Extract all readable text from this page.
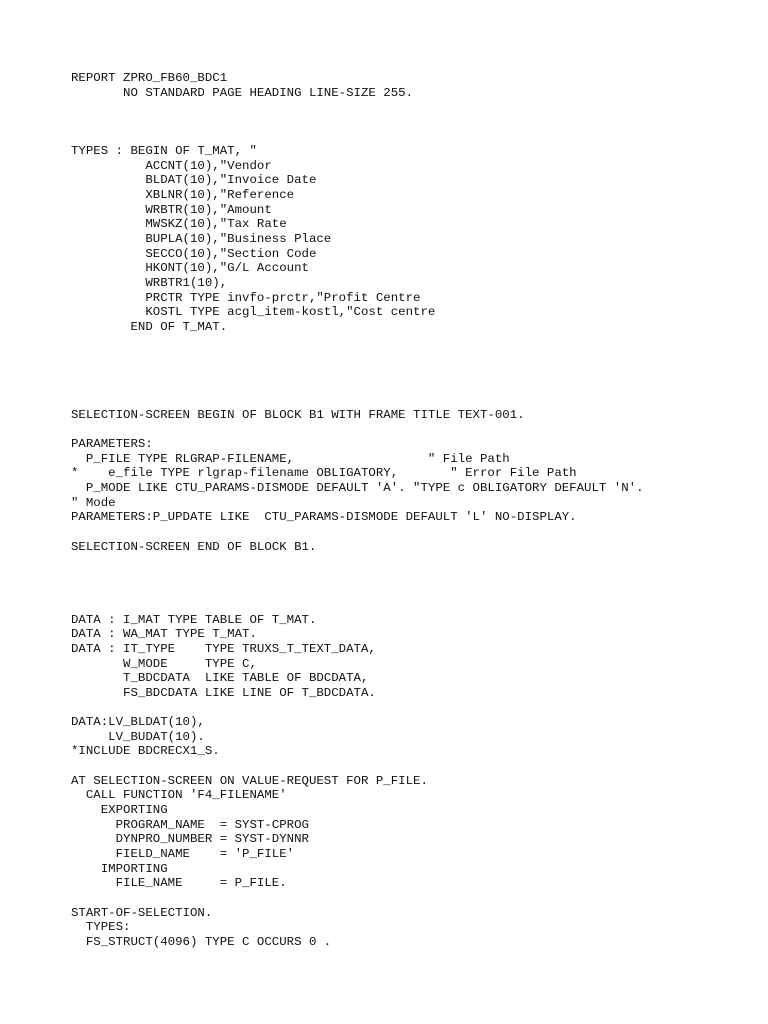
REPORT ZPRO_FB60_BDC1
NO STANDARD PAGE HEADING LINE-SIZE 255.
TYPES : BEGIN OF T_MAT, "
ACCNT(10),"Vendor
BLDAT(10),"Invoice Date
XBLNR(10),"Reference
WRBTR(10),"Amount
MWSKZ(10),"Tax Rate
BUPLA(10),"Business Place
SECCO(10),"Section Code
HKONT(10),"G/L Account
WRBTR1(10),
PRCTR TYPE invfo-prctr,"Profit Centre
KOSTL TYPE acgl_item-kostl,"Cost centre
END OF T_MAT.
SELECTION-SCREEN BEGIN OF BLOCK B1 WITH FRAME TITLE TEXT-001.
PARAMETERS:
P_FILE TYPE RLGRAP-FILENAME,                  " File Path
*    e_file TYPE rlgrap-filename OBLIGATORY,       " Error File Path
P_MODE LIKE CTU_PARAMS-DISMODE DEFAULT 'A'. "TYPE c OBLIGATORY DEFAULT 'N'.
" Mode
PARAMETERS:P_UPDATE LIKE  CTU_PARAMS-DISMODE DEFAULT 'L' NO-DISPLAY.
SELECTION-SCREEN END OF BLOCK B1.
DATA : I_MAT TYPE TABLE OF T_MAT.
DATA : WA_MAT TYPE T_MAT.
DATA : IT_TYPE    TYPE TRUXS_T_TEXT_DATA,
W_MODE     TYPE C,
T_BDCDATA  LIKE TABLE OF BDCDATA,
FS_BDCDATA LIKE LINE OF T_BDCDATA.
DATA:LV_BLDAT(10),
LV_BUDAT(10).
*INCLUDE BDCRECX1_S.
AT SELECTION-SCREEN ON VALUE-REQUEST FOR P_FILE.
CALL FUNCTION 'F4_FILENAME'
EXPORTING
PROGRAM_NAME  = SYST-CPROG
DYNPRO_NUMBER = SYST-DYNNR
FIELD_NAME    = 'P_FILE'
IMPORTING
FILE_NAME     = P_FILE.
START-OF-SELECTION.
TYPES:
FS_STRUCT(4096) TYPE C OCCURS 0 .
